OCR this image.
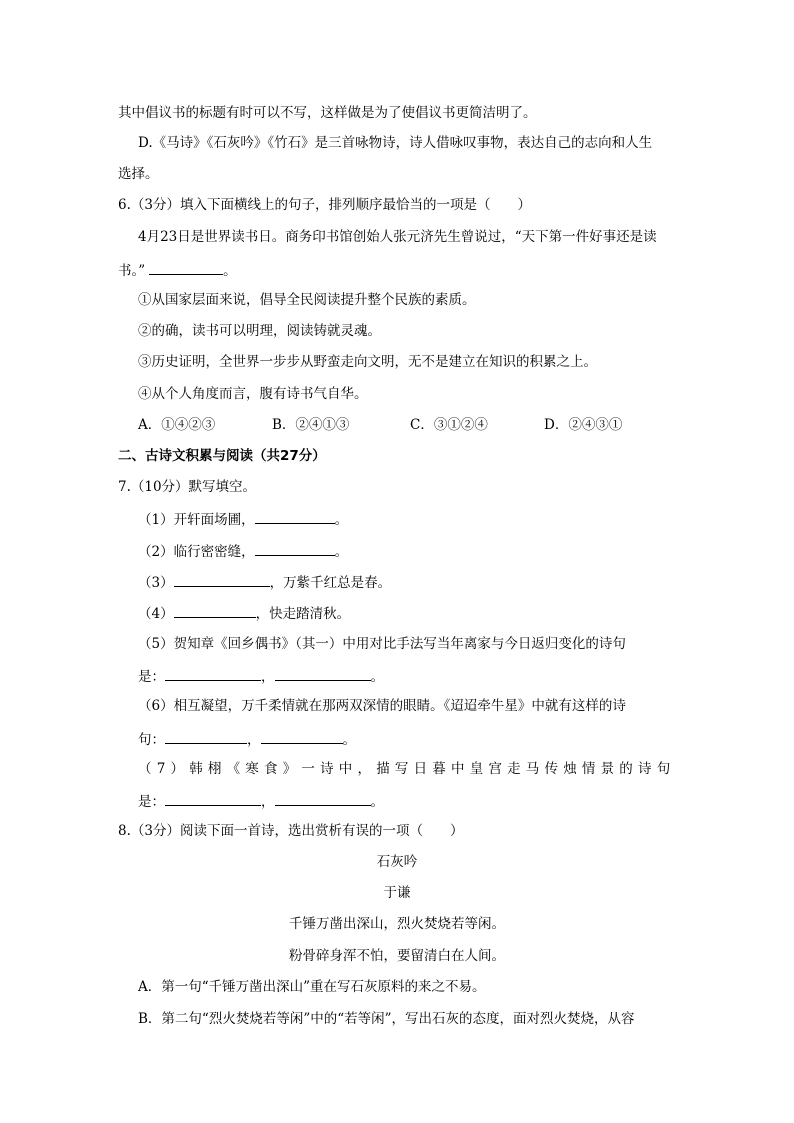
其中倡议书的标题有时可以不写，这样做是为了使倡议书更简洁明了。
D.《马诗》《石灰吟》《竹石》是三首咏物诗，诗人借咏叹事物，表达自己的志向和人生
选择。
6.（3分）填入下面横线上的句子，排列顺序最恰当的一项是（　　）
4月23日是世界读书日。商务印书馆创始人张元济先生曾说过，“天下第一件好事还是读
书。”	。
①从国家层面来说，倡导全民阅读提升整个民族的素质。
②的确，读书可以明理，阅读铸就灵魂。
③历史证明，全世界一步步从野蛮走向文明，无不是建立在知识的积累之上。
④从个人角度而言，腹有诗书气自华。
A．①④②③	B．②④①③	C．③①②④	D．②④③①
二、古诗文积累与阅读（共27分）
7.（10分）默写填空。
（1）开轩面场圃，	。
（2）临行密密缝，	。
（3）	，万紫千红总是春。
（4）	，快走踏清秋。
（5）贺知章《回乡偶书》（其一）中用对比手法写当年离家与今日返归变化的诗句
是：	，	。
（6）相互凝望，万千柔情就在那两双深情的眼睛。《迢迢牵牛星》中就有这样的诗
句：	，	。
（7）韩栩《寒食》一诗中，描写日暮中皇宫走马传烛情景的诗句
是：	，	。
8.（3分）阅读下面一首诗，选出赏析有误的一项（　　）
石灰吟
于谦
千锤万凿出深山，烈火焚烧若等闲。
粉骨碎身浑不怕，要留清白在人间。
A．第一句“千锤万凿出深山”重在写石灰原料的来之不易。
B．第二句“烈火焚烧若等闲”中的“若等闲”，写出石灰的态度，面对烈火焚烧，从容
